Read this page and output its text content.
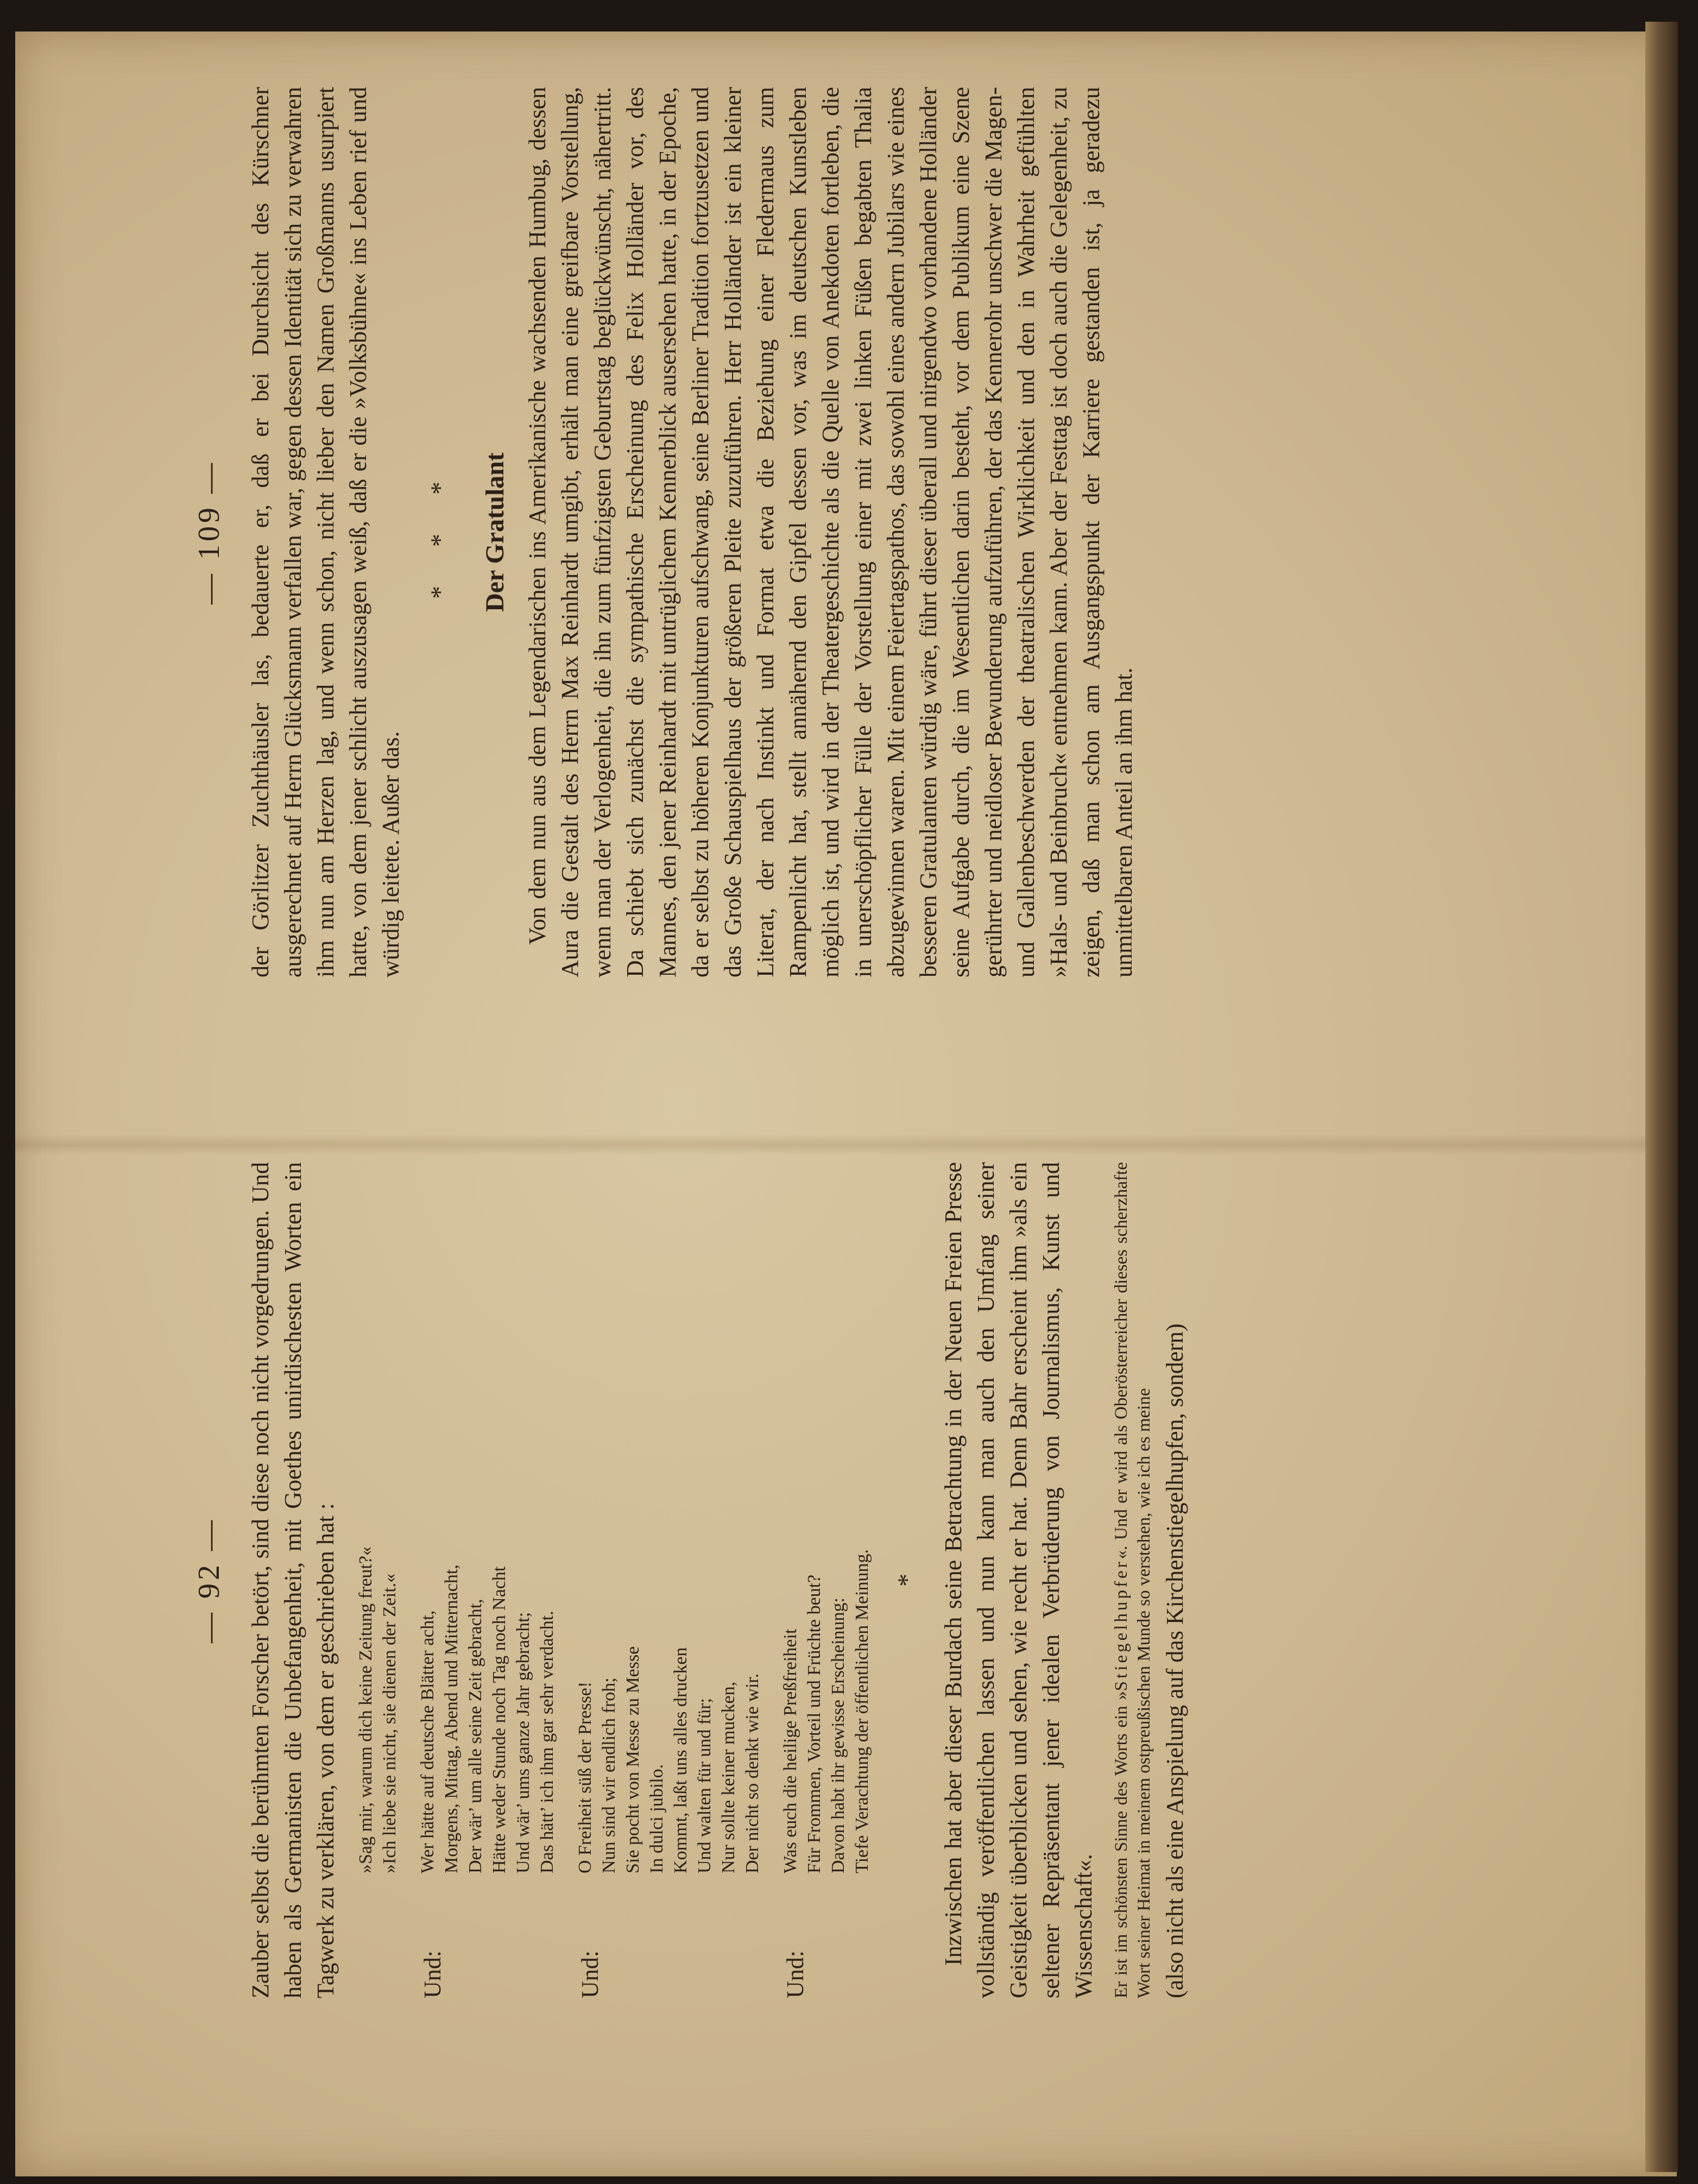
— 92 — Zauber selbst die berühmten Forscher betört, sind diese noch nicht vorgedrungen. Und haben als Germanisten die Unbefangenheit, mit Goethes unirdischesten Worten ein Tagwerk zu verklären, von dem er geschrieben hat : »Sag mir, warum dich keine Zeitung freut?« »Ich liebe sie nicht, sie dienen der Zeit.«
Und:
Wer hätte auf deutsche Blätter acht, Morgens, Mittag, Abend und Mitternacht, Der wär’ um alle seine Zeit gebracht, Hätte weder Stunde noch Tag noch Nacht Und wär’ ums ganze Jahr gebracht; Das hätt’ ich ihm gar sehr verdacht.
Und:
O Freiheit süß der Presse! Nun sind wir endlich froh; Sie pocht von Messe zu Messe In dulci jubilo. Kommt, laßt uns alles drucken Und walten für und für; Nur sollte keiner mucken, Der nicht so denkt wie wir.
Und:
Was euch die heilige Preßfreiheit Für Frommen, Vorteil und Früchte beut? Davon habt ihr gewisse Erscheinung: Tiefe Verachtung der öffentlichen Meinung. * Inzwischen hat aber dieser Burdach seine Betrachtung in der Neuen Freien Presse vollständig veröffentlichen lassen und nun kann man auch den Umfang seiner Geistigkeit überblicken und sehen, wie recht er hat. Denn Bahr erscheint ihm »als ein seltener Repräsentant jener idealen Verbrüderung von Journalismus, Kunst und Wissenschaft«. Er ist im schönsten Sinne des Worts ein »Stiegelhupfer«. Und er wird als Oberösterreicher dieses scherzhafte Wort seiner Heimat in meinem ostpreußischen Munde so verstehen, wie ich es meine (also nicht als eine Anspielung auf das Kirchenstiegelhupfen, sondern)

— 109 — der Görlitzer Zuchthäusler las, bedauerte er, daß er bei Durchsicht des Kürschner ausgerechnet auf Herrn Glücksmann verfallen war, gegen dessen Identität sich zu verwahren ihm nun am Herzen lag, und wenn schon, nicht lieber den Namen Großmanns usurpiert hatte, von dem jener schlicht auszusagen weiß, daß er die »Volksbühne« ins Leben rief und würdig leitete. Außer das.

* * * Der Gratulant Von dem nun aus dem Legendarischen ins Amerikanische wachsenden Humbug, dessen Aura die Gestalt des Herrn Max Reinhardt umgibt, erhält man eine greifbare Vorstellung, wenn man der Verlogenheit, die ihn zum fünfzigsten Geburtstag beglückwünscht, nähertritt. Da schiebt sich zunächst die sympathische Erscheinung des Felix Holländer vor, des Mannes, den jener Reinhardt mit untrüglichem Kennerblick ausersehen hatte, in der Epoche, da er selbst zu höheren Konjunkturen aufschwang, seine Berliner Tradition fortzusetzen und das Große Schauspielhaus der größeren Pleite zuzuführen. Herr Holländer ist ein kleiner Literat, der nach Instinkt und Format etwa die Beziehung einer Fledermaus zum Rampenlicht hat, stellt annähernd den Gipfel dessen vor, was im deutschen Kunstleben möglich ist, und wird in der Theatergeschichte als die Quelle von Anekdoten fortleben, die in unerschöpflicher Fülle der Vorstellung einer mit zwei linken Füßen begabten Thalia abzugewinnen waren. Mit einem Feiertagspathos, das sowohl eines andern Jubilars wie eines besseren Gratulanten würdig wäre, führt dieser überall und nirgendwo vorhandene Holländer seine Aufgabe durch, die im Wesentlichen darin besteht, vor dem Publikum eine Szene gerührter und neidloser Bewunderung aufzuführen, der das Kennerohr unschwer die Magen- und Gallenbeschwerden der theatralischen Wirklichkeit und den in Wahrheit gefühlten »Hals- und Beinbruch« entnehmen kann. Aber der Festtag ist doch auch die Gelegenheit, zu zeigen, daß man schon am Ausgangspunkt der Karriere gestanden ist, ja geradezu unmittelbaren Anteil an ihm hat.
